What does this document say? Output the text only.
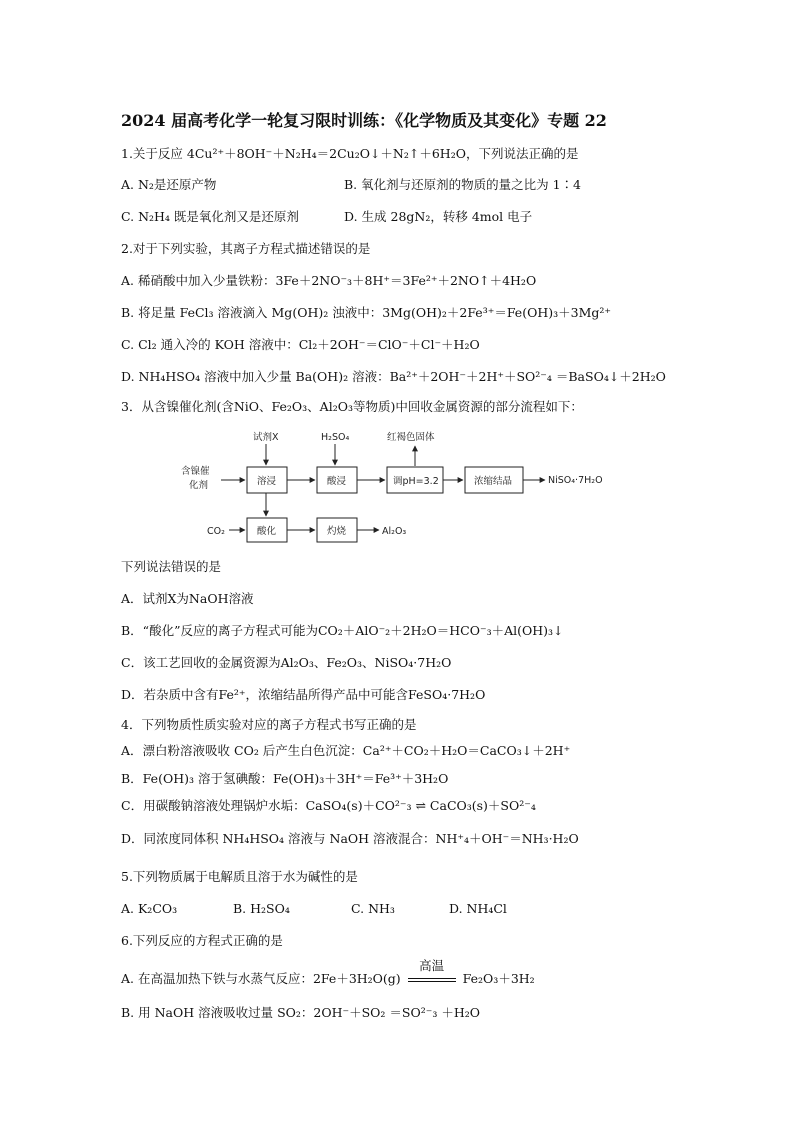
2024 届高考化学一轮复习限时训练：《化学物质及其变化》专题 22
1.关于反应 4Cu²⁺＋8OH⁻＋N₂H₄＝2Cu₂O↓＋N₂↑＋6H₂O，下列说法正确的是
A. N₂是还原产物	B. 氧化剂与还原剂的物质的量之比为 1∶4
C. N₂H₄ 既是氧化剂又是还原剂	D. 生成 28gN₂，转移 4mol 电子
2.对于下列实验，其离子方程式描述错误的是
A. 稀硝酸中加入少量铁粉：3Fe＋2NO⁻₃＋8H⁺＝3Fe²⁺＋2NO↑＋4H₂O
B. 将足量 FeCl₃ 溶液滴入 Mg(OH)₂ 浊液中：3Mg(OH)₂＋2Fe³⁺＝Fe(OH)₃＋3Mg²⁺
C. Cl₂ 通入冷的 KOH 溶液中：Cl₂＋2OH⁻＝ClO⁻＋Cl⁻＋H₂O
D. NH₄HSO₄ 溶液中加入少量 Ba(OH)₂ 溶液：Ba²⁺＋2OH⁻＋2H⁺＋SO²⁻₄ ＝BaSO₄↓＋2H₂O
3．从含镍催化剂(含NiO、Fe₂O₃、Al₂O₃等物质)中回收金属资源的部分流程如下：
含镍催
化剂
试剂X	H₂SO₄	红褐色固体
溶浸	酸浸	调pH=3.2	浓缩结晶	NiSO₄·7H₂O
CO₂	酸化	灼烧	Al₂O₃
下列说法错误的是
A．试剂X为NaOH溶液
B．“酸化”反应的离子方程式可能为CO₂＋AlO⁻₂＋2H₂O＝HCO⁻₃＋Al(OH)₃↓
C．该工艺回收的金属资源为Al₂O₃、Fe₂O₃、NiSO₄·7H₂O
D．若杂质中含有Fe²⁺，浓缩结晶所得产品中可能含FeSO₄·7H₂O
4．下列物质性质实验对应的离子方程式书写正确的是
A．漂白粉溶液吸收 CO₂ 后产生白色沉淀：Ca²⁺＋CO₂＋H₂O＝CaCO₃↓＋2H⁺
B．Fe(OH)₃ 溶于氢碘酸：Fe(OH)₃＋3H⁺＝Fe³⁺＋3H₂O
C．用碳酸钠溶液处理锅炉水垢：CaSO₄(s)＋CO²⁻₃ ⇌ CaCO₃(s)＋SO²⁻₄
D．同浓度同体积 NH₄HSO₄ 溶液与 NaOH 溶液混合：NH⁺₄＋OH⁻＝NH₃·H₂O
5.下列物质属于电解质且溶于水为碱性的是
A. K₂CO₃	B. H₂SO₄	C. NH₃	D. NH₄Cl
6.下列反应的方程式正确的是
A. 在高温加热下铁与水蒸气反应：2Fe＋3H₂O(g)
高温
Fe₂O₃＋3H₂
B. 用 NaOH 溶液吸收过量 SO₂：2OH⁻＋SO₂ ＝SO²⁻₃ ＋H₂O
